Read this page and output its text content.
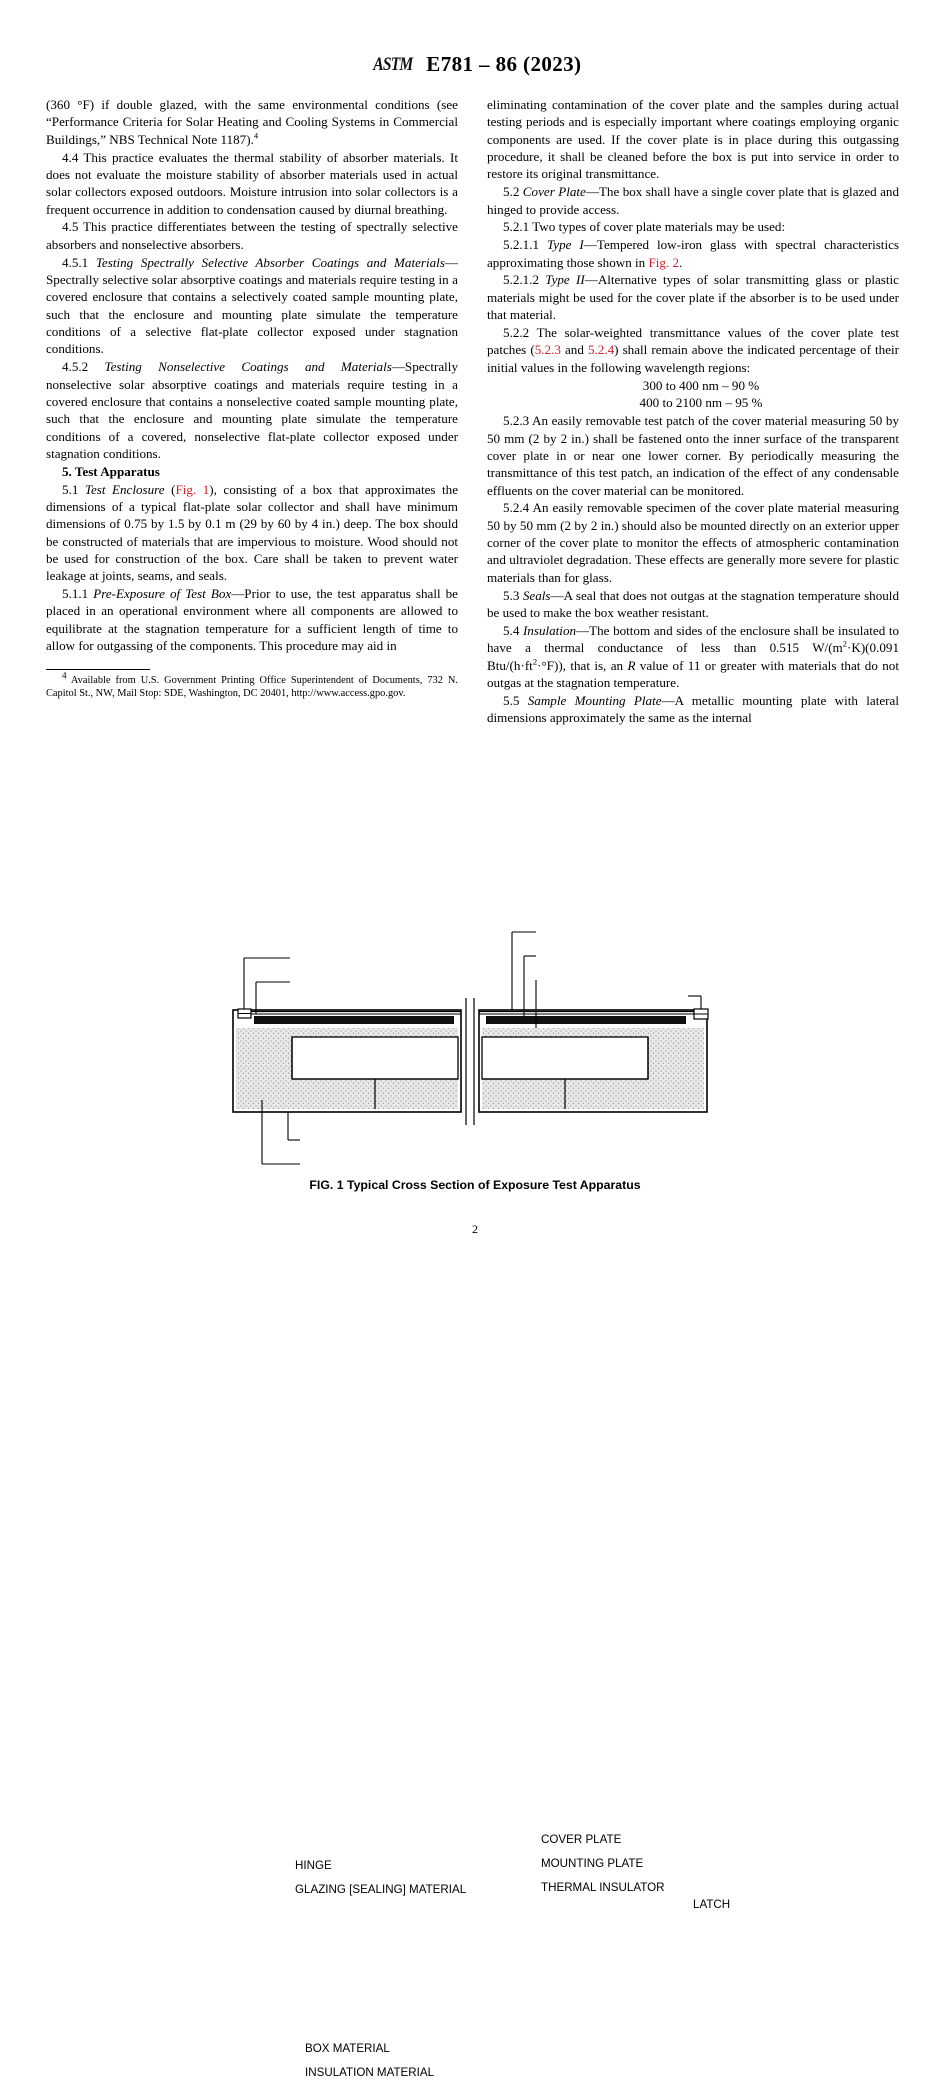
ASTM E781 – 86 (2023)

(360 °F) if double glazed, with the same environmental conditions (see “Performance Criteria for Solar Heating and Cooling Systems in Commercial Buildings,” NBS Technical Note 1187).$^4$

4.4 This practice evaluates the thermal stability of absorber materials. It does not evaluate the moisture stability of absorber materials used in actual solar collectors exposed outdoors. Moisture intrusion into solar collectors is a frequent occurrence in addition to condensation caused by diurnal breathing.

4.5 This practice differentiates between the testing of spectrally selective absorbers and nonselective absorbers.

4.5.1 Testing Spectrally Selective Absorber Coatings and Materials—Spectrally selective solar absorptive coatings and materials require testing in a covered enclosure that contains a selectively coated sample mounting plate, such that the enclosure and mounting plate simulate the temperature conditions of a selective flat-plate collector exposed under stagnation conditions.

4.5.2 Testing Nonselective Coatings and Materials—Spectrally nonselective solar absorptive coatings and materials require testing in a covered enclosure that contains a nonselective coated sample mounting plate, such that the enclosure and mounting plate simulate the temperature conditions of a covered, nonselective flat-plate collector exposed under stagnation conditions.

5. Test Apparatus

5.1 Test Enclosure (Fig. 1), consisting of a box that approximates the dimensions of a typical flat-plate solar collector and shall have minimum dimensions of 0.75 by 1.5 by 0.1 m (29 by 60 by 4 in.) deep. The box should be constructed of materials that are impervious to moisture. Wood should not be used for construction of the box. Care shall be taken to prevent water leakage at joints, seams, and seals.

5.1.1 Pre-Exposure of Test Box—Prior to use, the test apparatus shall be placed in an operational environment where all components are allowed to equilibrate at the stagnation temperature for a sufficient length of time to allow for outgassing of the components. This procedure may aid in

$^4$ Available from U.S. Government Printing Office Superintendent of Documents, 732 N. Capitol St., NW, Mail Stop: SDE, Washington, DC 20401, http://www.access.gpo.gov.

eliminating contamination of the cover plate and the samples during actual testing periods and is especially important where coatings employing organic components are used. If the cover plate is in place during this outgassing procedure, it shall be cleaned before the box is put into service in order to restore its original transmittance.

5.2 Cover Plate—The box shall have a single cover plate that is glazed and hinged to provide access.

5.2.1 Two types of cover plate materials may be used:

5.2.1.1 Type I—Tempered low-iron glass with spectral characteristics approximating those shown in Fig. 2.

5.2.1.2 Type II—Alternative types of solar transmitting glass or plastic materials might be used for the cover plate if the absorber is to be used under that material.

5.2.2 The solar-weighted transmittance values of the cover plate test patches (5.2.3 and 5.2.4) shall remain above the indicated percentage of their initial values in the following wavelength regions:

300 to 400 nm – 90 %

400 to 2100 nm – 95 %

5.2.3 An easily removable test patch of the cover material measuring 50 by 50 mm (2 by 2 in.) shall be fastened onto the inner surface of the transparent cover plate in or near one lower corner. By periodically measuring the transmittance of this test patch, an indication of the effect of any condensable effluents on the cover material can be monitored.

5.2.4 An easily removable specimen of the cover plate material measuring 50 by 50 mm (2 by 2 in.) should also be mounted directly on an exterior upper corner of the cover plate to monitor the effects of atmospheric contamination and ultraviolet degradation. These effects are generally more severe for plastic materials than for glass.

5.3 Seals—A seal that does not outgas at the stagnation temperature should be used to make the box weather resistant.

5.4 Insulation—The bottom and sides of the enclosure shall be insulated to have a thermal conductance of less than 0.515 $W/(m^2\cdot K)(0.091$ Btu/$(h\cdot ft^2\cdot^\circ F)$), that is, an R value of 11 or greater with materials that do not outgas at the stagnation temperature.

5.5 Sample Mounting Plate—A metallic mounting plate with lateral dimensions approximately the same as the internal

HINGE
GLAZING [SEALING] MATERIAL
COVER PLATE
MOUNTING PLATE
THERMAL INSULATOR
LATCH
BOX MATERIAL
INSULATION MATERIAL
FIG. 1 Typical Cross Section of Exposure Test Apparatus
2
